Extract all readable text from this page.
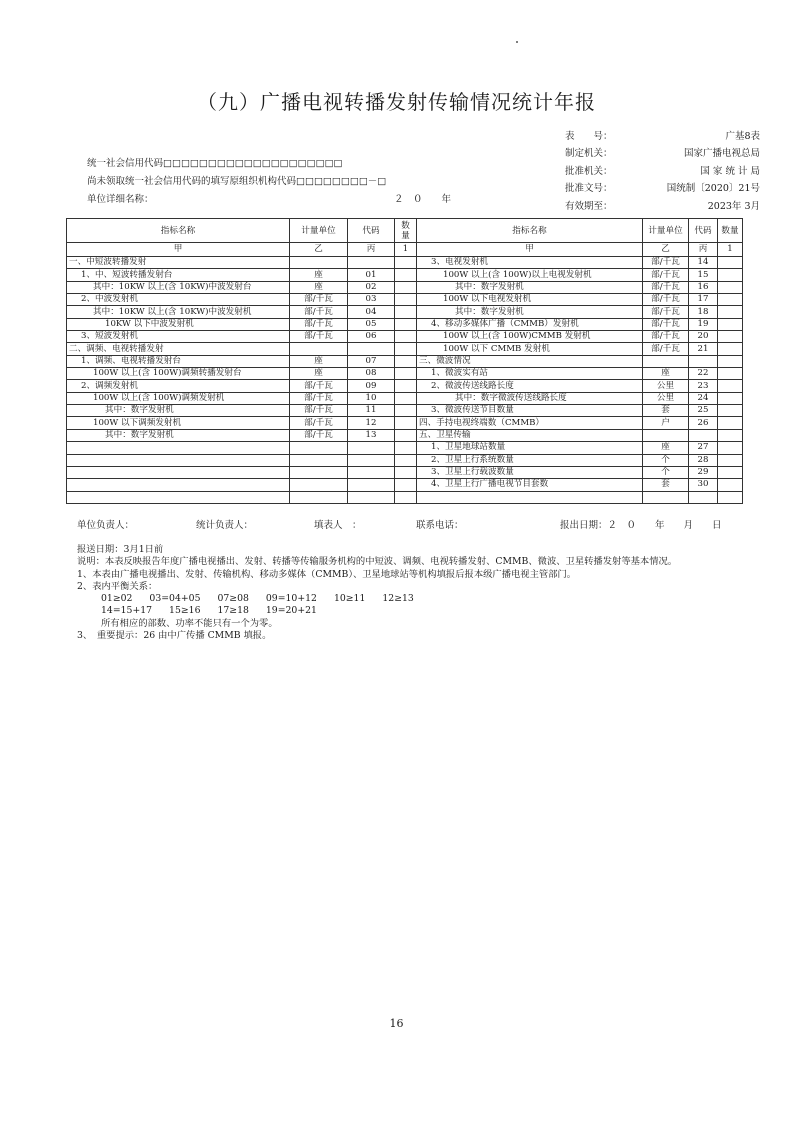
（九）广播电视转播发射传输情况统计年报
表　　号：	广基8表
制定机关：	国家广播电视总局
批准机关：	国 家 统 计 局
批准文号：	国统制〔2020〕21号
有效期至：	2023年 3月
统一社会信用代码□□□□□□□□□□□□□□□□□□□□
尚未领取统一社会信用代码的填写原组织机构代码□□□□□□□□－□
单位详细名称：	２　０　　年
指标名称	计量单位	代码	数量	指标名称	计量单位	代码	数量
甲	乙	丙	1	甲	乙	丙	1
一、中短波转播发射				3、电视发射机	部/千瓦	14	
1、中、短波转播发射台	座	01		100W 以上(含 100W)以上电视发射机	部/千瓦	15	
其中：10KW 以上(含 10KW)中波发射台	座	02		其中：数字发射机	部/千瓦	16	
2、中波发射机	部/千瓦	03		100W 以下电视发射机	部/千瓦	17	
其中：10KW 以上(含 10KW)中波发射机	部/千瓦	04		其中：数字发射机	部/千瓦	18	
10KW 以下中波发射机	部/千瓦	05		4、移动多媒体广播（CMMB）发射机	部/千瓦	19	
3、短波发射机	部/千瓦	06		100W 以上(含 100W)CMMB 发射机	部/千瓦	20	
二、调频、电视转播发射				100W 以下 CMMB 发射机	部/千瓦	21	
1、调频、电视转播发射台	座	07		三、微波情况			
100W 以上(含 100W)调频转播发射台	座	08		1、微波实有站	座	22	
2、调频发射机	部/千瓦	09		2、微波传送线路长度	公里	23	
100W 以上(含 100W)调频发射机	部/千瓦	10		其中：数字微波传送线路长度	公里	24	
其中：数字发射机	部/千瓦	11		3、微波传送节目数量	套	25	
100W 以下调频发射机	部/千瓦	12		四、手持电视终端数（CMMB）	户	26	
其中：数字发射机	部/千瓦	13		五、卫星传输			
				1、卫星地球站数量	座	27	
				2、卫星上行系统数量	个	28	
				3、卫星上行载波数量	个	29	
				4、卫星上行广播电视节目套数	套	30	

单位负责人：	统计负责人：	填表人　：	联系电话：	报出日期：２　０　　年　　月　　日
报送日期：3月1日前
说明：本表反映报告年度广播电视播出、发射、转播等传输服务机构的中短波、调频、电视转播发射、CMMB、微波、卫星转播发射等基本情况。
1、本表由广播电视播出、发射、传输机构、移动多媒体（CMMB）、卫星地球站等机构填报后报本级广播电视主管部门。
2、表内平衡关系：
01≥02 03=04+05 07≥08 09=10+12 10≥11 12≥13
14=15+17 15≥16 17≥18 19=20+21
所有相应的部数、功率不能只有一个为零。
3、　重要提示：26 由中广传播 CMMB 填报。
16
